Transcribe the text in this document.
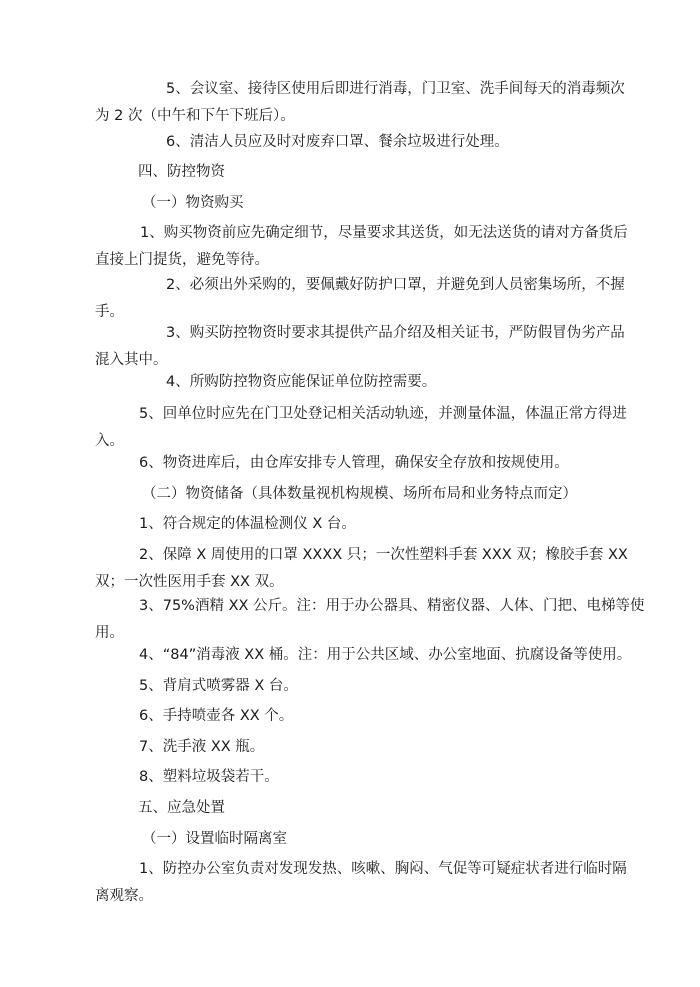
5、会议室、接待区使用后即进行消毒，门卫室、洗手间每天的消毒频次
为 2 次（中午和下午下班后）。

6、清洁人员应及时对废弃口罩、餐余垃圾进行处理。

四、防控物资

（一）物资购买

1、购买物资前应先确定细节，尽量要求其送货，如无法送货的请对方备货后
直接上门提货，避免等待。

2、必须出外采购的，要佩戴好防护口罩，并避免到人员密集场所，不握
手。

3、购买防控物资时要求其提供产品介绍及相关证书，严防假冒伪劣产品
混入其中。

4、所购防控物资应能保证单位防控需要。

5、回单位时应先在门卫处登记相关活动轨迹，并测量体温，体温正常方得进
入。

6、物资进库后，由仓库安排专人管理，确保安全存放和按规使用。

（二）物资储备（具体数量视机构规模、场所布局和业务特点而定）

1、符合规定的体温检测仪 X 台。

2、保障 X 周使用的口罩 XXXX 只；一次性塑料手套 XXX 双；橡胶手套 XX
双；一次性医用手套 XX 双。

3、75%酒精 XX 公斤。注：用于办公器具、精密仪器、人体、门把、电梯等使
用。

4、“84”消毒液 XX 桶。注：用于公共区域、办公室地面、抗腐设备等使用。

5、背肩式喷雾器 X 台。

6、手持喷壶各 XX 个。

7、洗手液 XX 瓶。

8、塑料垃圾袋若干。

五、应急处置

（一）设置临时隔离室

1、防控办公室负责对发现发热、咳嗽、胸闷、气促等可疑症状者进行临时隔
离观察。
